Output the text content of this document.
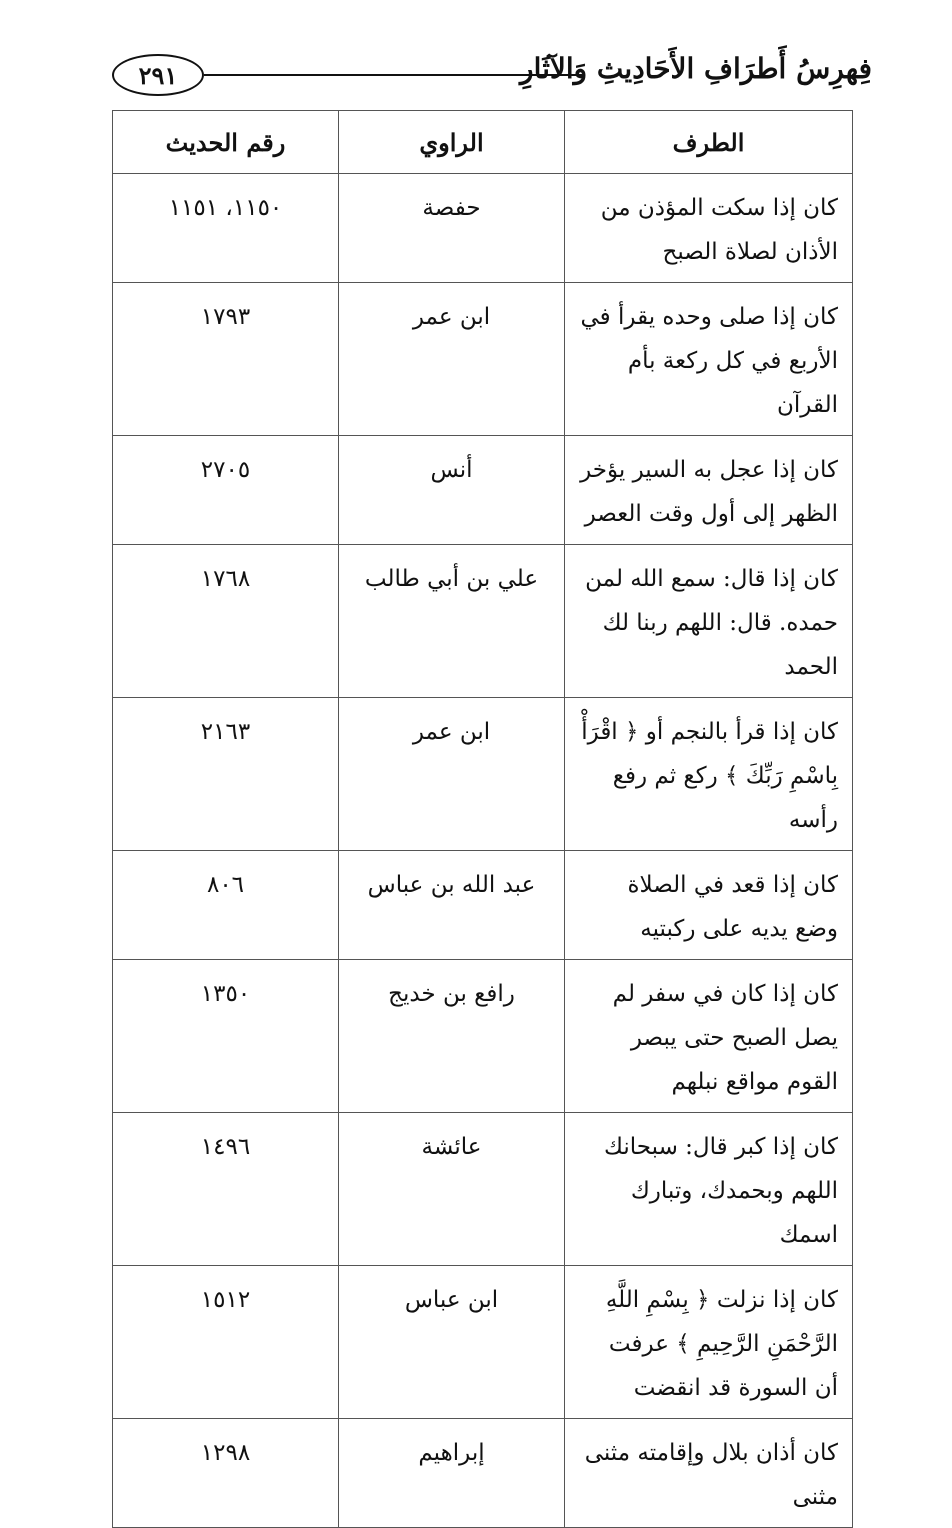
٢٩١	فِهرِسُ أَطرَافِ الأَحَادِيثِ وَالآثَارِ
الطرف	الراوي	رقم الحديث
كان إذا سكت المؤذن من الأذان لصلاة الصبح	حفصة	١١٥٠، ١١٥١
كان إذا صلى وحده يقرأ في الأربع في كل ركعة بأم القرآن	ابن عمر	١٧٩٣
كان إذا عجل به السير يؤخر الظهر إلى أول وقت العصر	أنس	٢٧٠٥
كان إذا قال: سمع الله لمن حمده. قال: اللهم ربنا لك الحمد	علي بن أبي طالب	١٧٦٨
كان إذا قرأ بالنجم أو ﴿ اقْرَأْ بِاسْمِ رَبِّكَ ﴾ ركع ثم رفع رأسه	ابن عمر	٢١٦٣
كان إذا قعد في الصلاة وضع يديه على ركبتيه	عبد الله بن عباس	٨٠٦
كان إذا كان في سفر لم يصل الصبح حتى يبصر القوم مواقع نبلهم	رافع بن خديج	١٣٥٠
كان إذا كبر قال: سبحانك اللهم وبحمدك، وتبارك اسمك	عائشة	١٤٩٦
كان إذا نزلت ﴿ بِسْمِ اللَّهِ الرَّحْمَنِ الرَّحِيمِ ﴾ عرفت أن السورة قد انقضت	ابن عباس	١٥١٢
كان أذان بلال وإقامته مثنى مثنى	إبراهيم	١٢٩٨
